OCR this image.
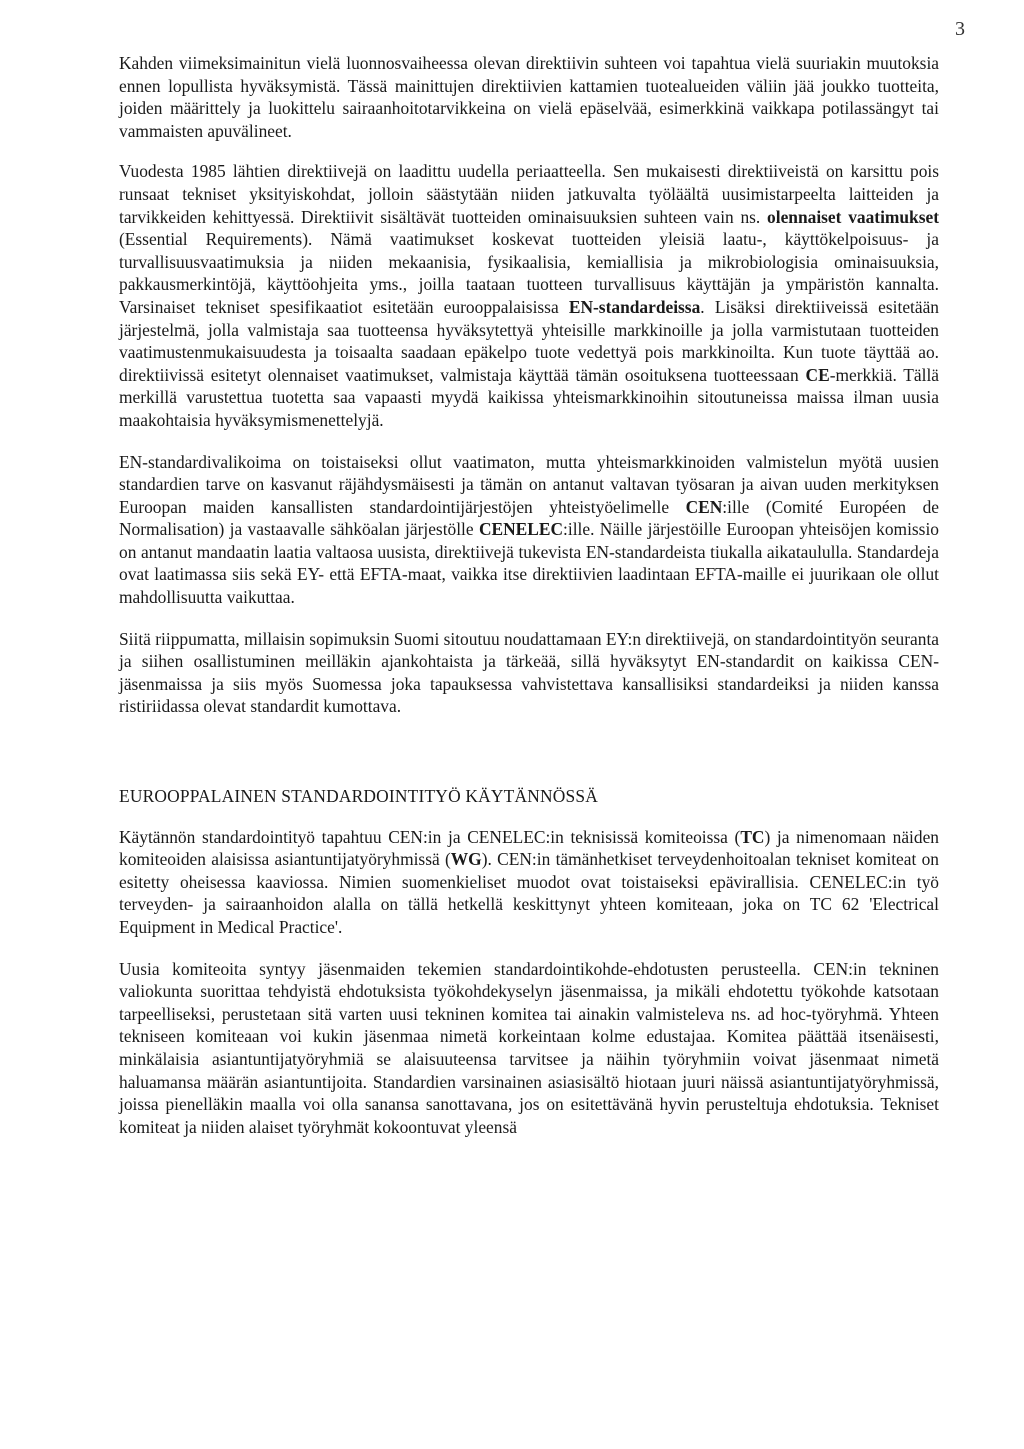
3

Kahden viimeksimainitun vielä luonnosvaiheessa olevan direktiivin suhteen voi tapahtua vielä suuriakin muutoksia ennen lopullista hyväksymistä. Tässä mainittujen direktiivien kattamien tuotealueiden väliin jää joukko tuotteita, joiden määrittely ja luokittelu sairaanhoitotarvikkeina on vielä epäselvää, esimerkkinä vaikkapa potilassängyt tai vammaisten apuvälineet.

Vuodesta 1985 lähtien direktiivejä on laadittu uudella periaatteella. Sen mukaisesti direktiiveistä on karsittu pois runsaat tekniset yksityiskohdat, jolloin säästytään niiden jatkuvalta työläältä uusimistarpeelta laitteiden ja tarvikkeiden kehittyessä. Direktiivit sisältävät tuotteiden ominaisuuksien suhteen vain ns. olennaiset vaatimukset (Essential Requirements). Nämä vaatimukset koskevat tuotteiden yleisiä laatu-, käyttökelpoisuus- ja turvallisuusvaatimuksia ja niiden mekaanisia, fysikaalisia, kemiallisia ja mikrobiologisia ominaisuuksia, pakkausmerkintöjä, käyttöohjeita yms., joilla taataan tuotteen turvallisuus käyttäjän ja ympäristön kannalta. Varsinaiset tekniset spesifikaatiot esitetään eurooppalaisissa EN-standardeissa. Lisäksi direktiiveissä esitetään järjestelmä, jolla valmistaja saa tuotteensa hyväksytettyä yhteisille markkinoille ja jolla varmistutaan tuotteiden vaatimustenmukaisuudesta ja toisaalta saadaan epäkelpo tuote vedettyä pois markkinoilta. Kun tuote täyttää ao. direktiivissä esitetyt olennaiset vaatimukset, valmistaja käyttää tämän osoituksena tuotteessaan CE-merkkiä. Tällä merkillä varustettua tuotetta saa vapaasti myydä kaikissa yhteismarkkinoihin sitoutuneissa maissa ilman uusia maakohtaisia hyväksymismenettelyjä.

EN-standardivalikoima on toistaiseksi ollut vaatimaton, mutta yhteismarkkinoiden valmistelun myötä uusien standardien tarve on kasvanut räjähdysmäisesti ja tämän on antanut valtavan työsaran ja aivan uuden merkityksen Euroopan maiden kansallisten standardointijärjestöjen yhteistyöelimelle CEN:ille (Comité Européen de Normalisation) ja vastaavalle sähköalan järjestölle CENELEC:ille. Näille järjestöille Euroopan yhteisöjen komissio on antanut mandaatin laatia valtaosa uusista, direktiivejä tukevista EN-standardeista tiukalla aikataululla. Standardeja ovat laatimassa siis sekä EY- että EFTA-maat, vaikka itse direktiivien laadintaan EFTA-maille ei juurikaan ole ollut mahdollisuutta vaikuttaa.

Siitä riippumatta, millaisin sopimuksin Suomi sitoutuu noudattamaan EY:n direktiivejä, on standardointityön seuranta ja siihen osallistuminen meilläkin ajankohtaista ja tärkeää, sillä hyväksytyt EN-standardit on kaikissa CEN-jäsenmaissa ja siis myös Suomessa joka tapauksessa vahvistettava kansallisiksi standardeiksi ja niiden kanssa ristiriidassa olevat standardit kumottava.

EUROOPPALAINEN STANDARDOINTITYÖ KÄYTÄNNÖSSÄ

Käytännön standardointityö tapahtuu CEN:in ja CENELEC:in teknisissä komiteoissa (TC) ja nimenomaan näiden komiteoiden alaisissa asiantuntijatyöryhmissä (WG). CEN:in tämänhetkiset terveydenhoitoalan tekniset komiteat on esitetty oheisessa kaaviossa. Nimien suomenkieliset muodot ovat toistaiseksi epävirallisia. CENELEC:in työ terveyden- ja sairaanhoidon alalla on tällä hetkellä keskittynyt yhteen komiteaan, joka on TC 62 'Electrical Equipment in Medical Practice'.

Uusia komiteoita syntyy jäsenmaiden tekemien standardointikohde-ehdotusten perusteella. CEN:in tekninen valiokunta suorittaa tehdyistä ehdotuksista työkohdekyselyn jäsenmaissa, ja mikäli ehdotettu työkohde katsotaan tarpeelliseksi, perustetaan sitä varten uusi tekninen komitea tai ainakin valmisteleva ns. ad hoc-työryhmä. Yhteen tekniseen komiteaan voi kukin jäsenmaa nimetä korkeintaan kolme edustajaa. Komitea päättää itsenäisesti, minkälaisia asiantuntijatyöryhmiä se alaisuuteensa tarvitsee ja näihin työryhmiin voivat jäsenmaat nimetä haluamansa määrän asiantuntijoita. Standardien varsinainen asiasisältö hiotaan juuri näissä asiantuntijatyöryhmissä, joissa pienelläkin maalla voi olla sanansa sanottavana, jos on esitettävänä hyvin perusteltuja ehdotuksia. Tekniset komiteat ja niiden alaiset työryhmät kokoontuvat yleensä
